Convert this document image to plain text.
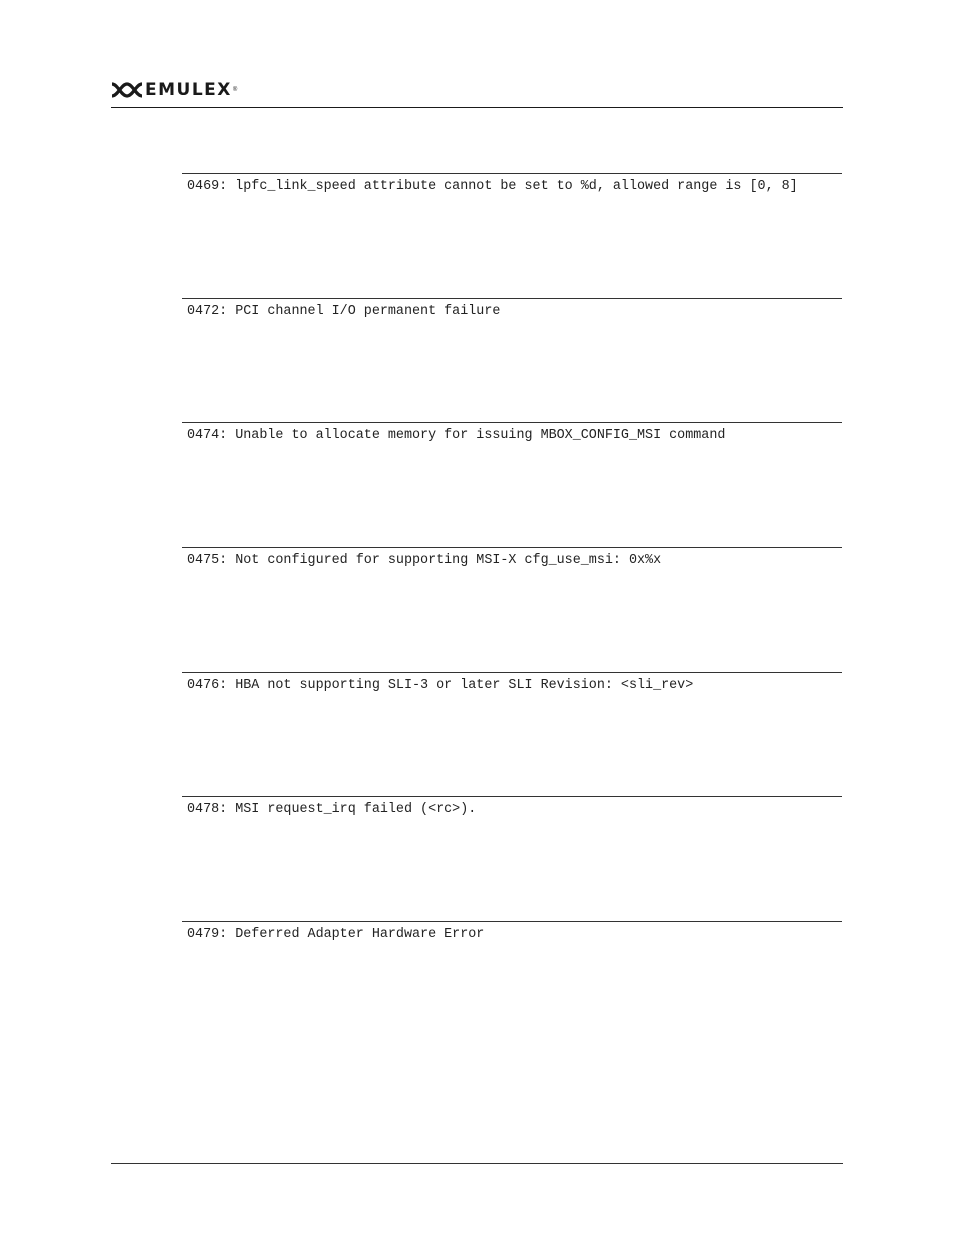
EMULEX ®
0469: lpfc_link_speed attribute cannot be set to %d, allowed range is [0, 8]
0472: PCI channel I/O permanent failure
0474: Unable to allocate memory for issuing MBOX_CONFIG_MSI command
0475: Not configured for supporting MSI-X cfg_use_msi: 0x%x
0476: HBA not supporting SLI-3 or later SLI Revision: <sli_rev>
0478: MSI request_irq failed (<rc>).
0479: Deferred Adapter Hardware Error
